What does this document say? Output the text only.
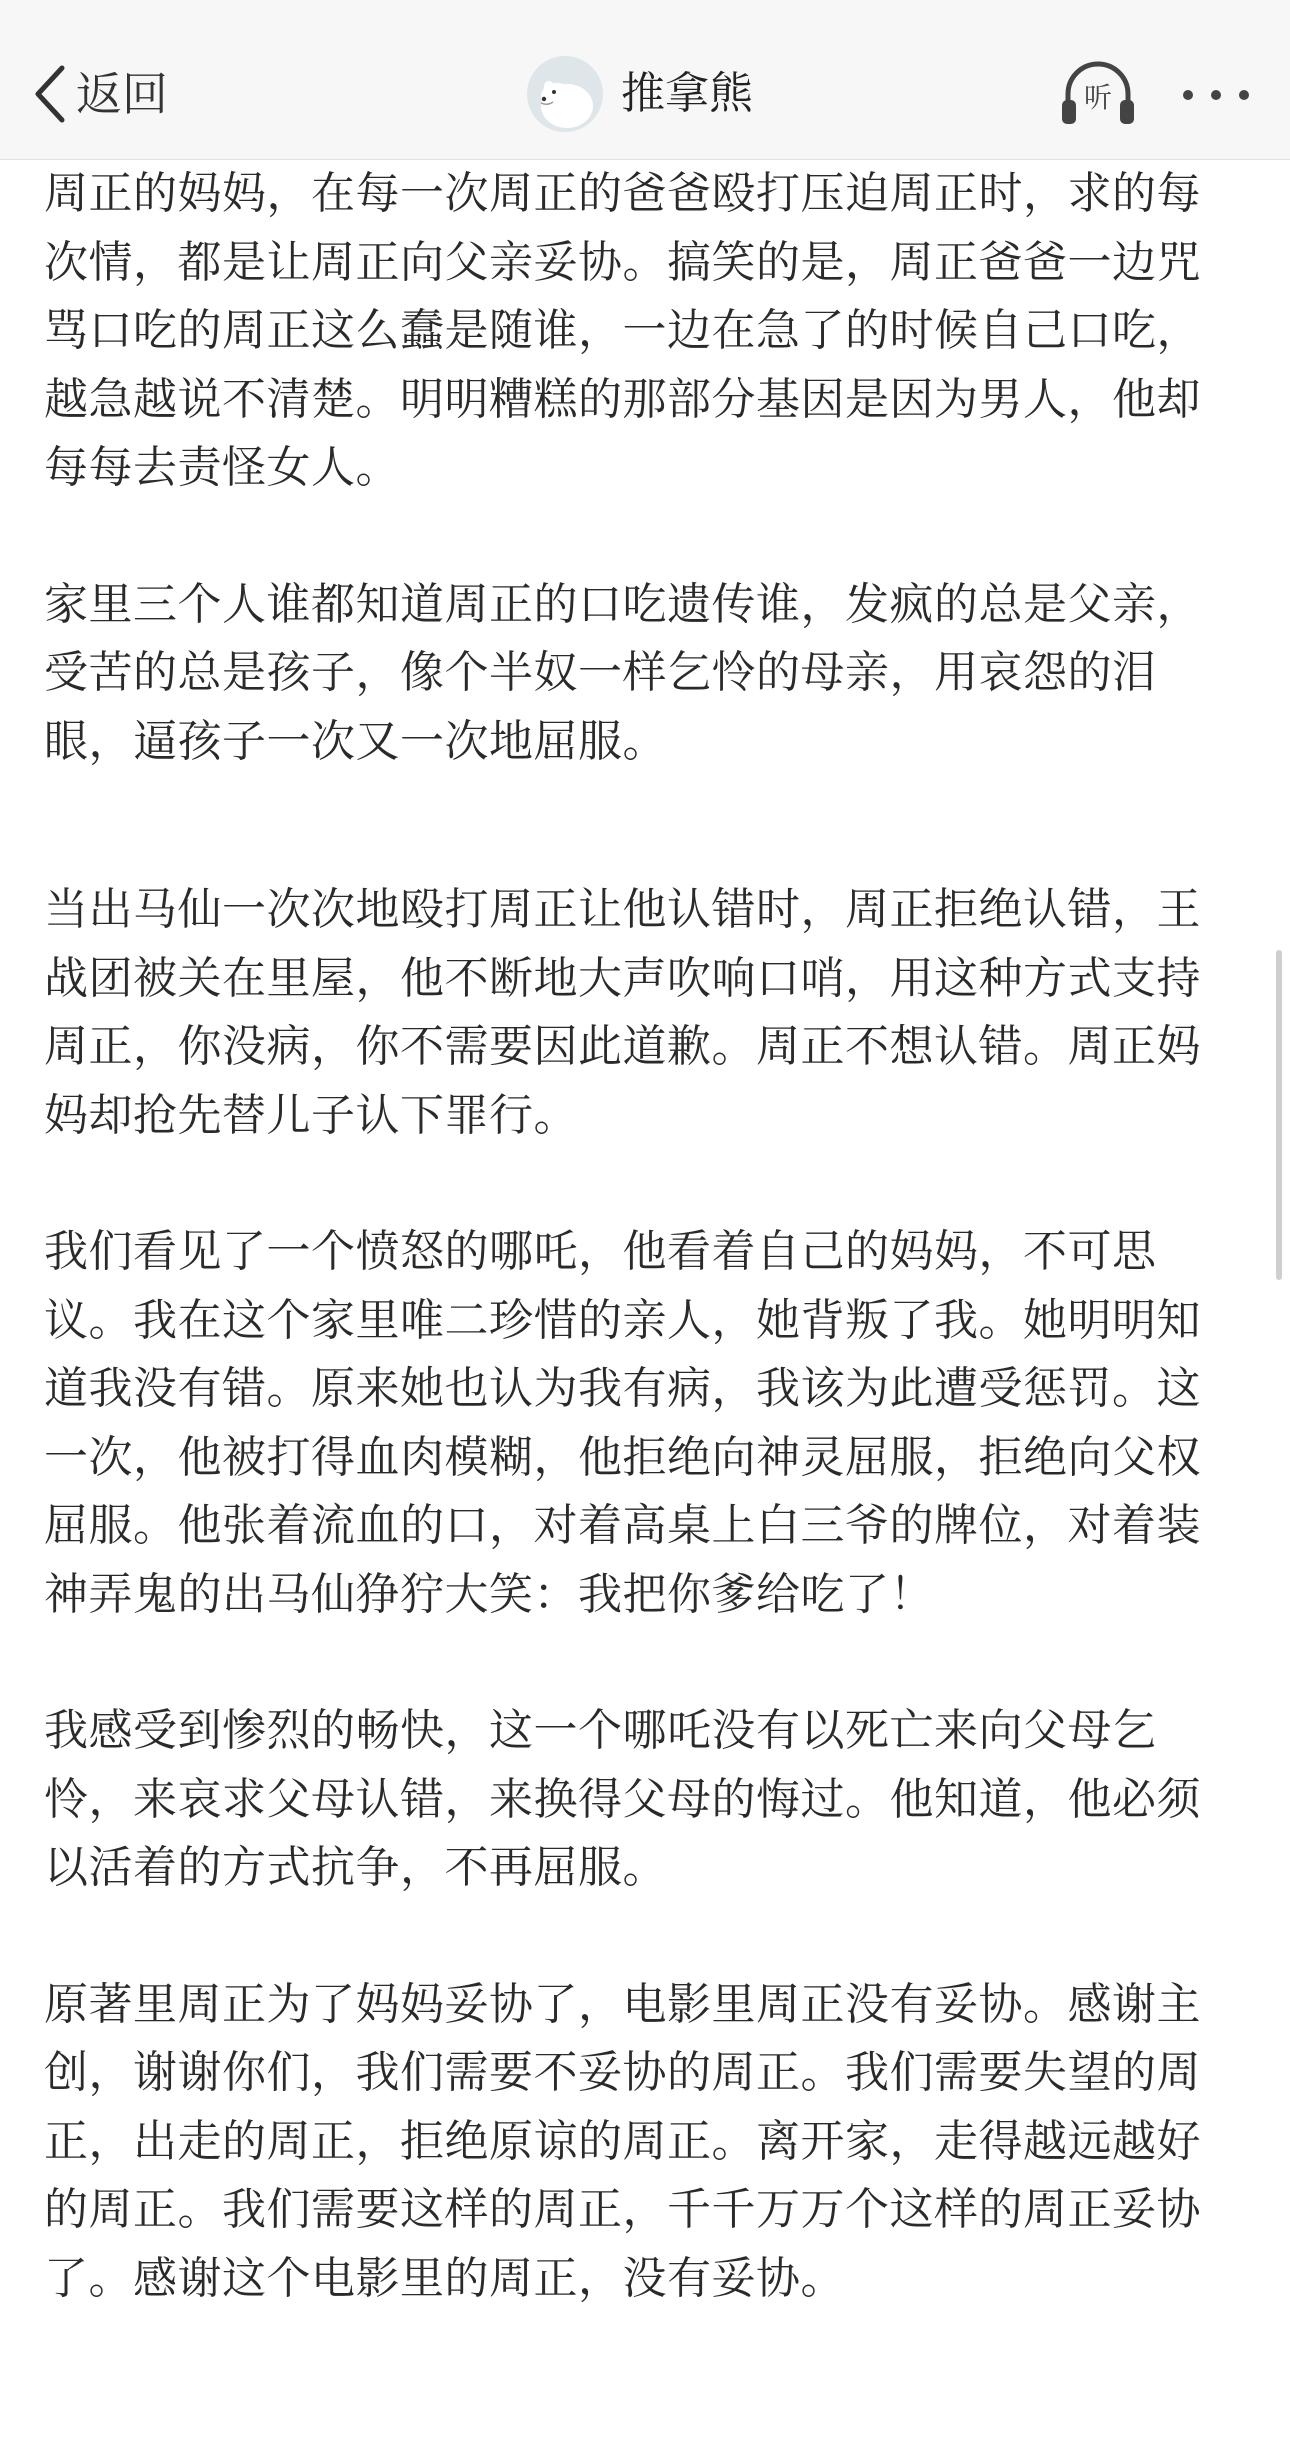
返回	推拿熊	听

周正的妈妈，在每一次周正的爸爸殴打压迫周正时，求的每次情，都是让周正向父亲妥协。搞笑的是，周正爸爸一边咒骂口吃的周正这么蠢是随谁，一边在急了的时候自己口吃，越急越说不清楚。明明糟糕的那部分基因是因为男人，他却每每去责怪女人。

家里三个人谁都知道周正的口吃遗传谁，发疯的总是父亲，受苦的总是孩子，像个半奴一样乞怜的母亲，用哀怨的泪眼，逼孩子一次又一次地屈服。

当出马仙一次次地殴打周正让他认错时，周正拒绝认错，王战团被关在里屋，他不断地大声吹响口哨，用这种方式支持周正，你没病，你不需要因此道歉。周正不想认错。周正妈妈却抢先替儿子认下罪行。

我们看见了一个愤怒的哪吒，他看着自己的妈妈，不可思议。我在这个家里唯二珍惜的亲人，她背叛了我。她明明知道我没有错。原来她也认为我有病，我该为此遭受惩罚。这一次，他被打得血肉模糊，他拒绝向神灵屈服，拒绝向父权屈服。他张着流血的口，对着高桌上白三爷的牌位，对着装神弄鬼的出马仙狰狞大笑：我把你爹给吃了！

我感受到惨烈的畅快，这一个哪吒没有以死亡来向父母乞怜，来哀求父母认错，来换得父母的悔过。他知道，他必须以活着的方式抗争，不再屈服。

原著里周正为了妈妈妥协了，电影里周正没有妥协。感谢主创，谢谢你们，我们需要不妥协的周正。我们需要失望的周正，出走的周正，拒绝原谅的周正。离开家，走得越远越好的周正。我们需要这样的周正，千千万万个这样的周正妥协了。感谢这个电影里的周正，没有妥协。
